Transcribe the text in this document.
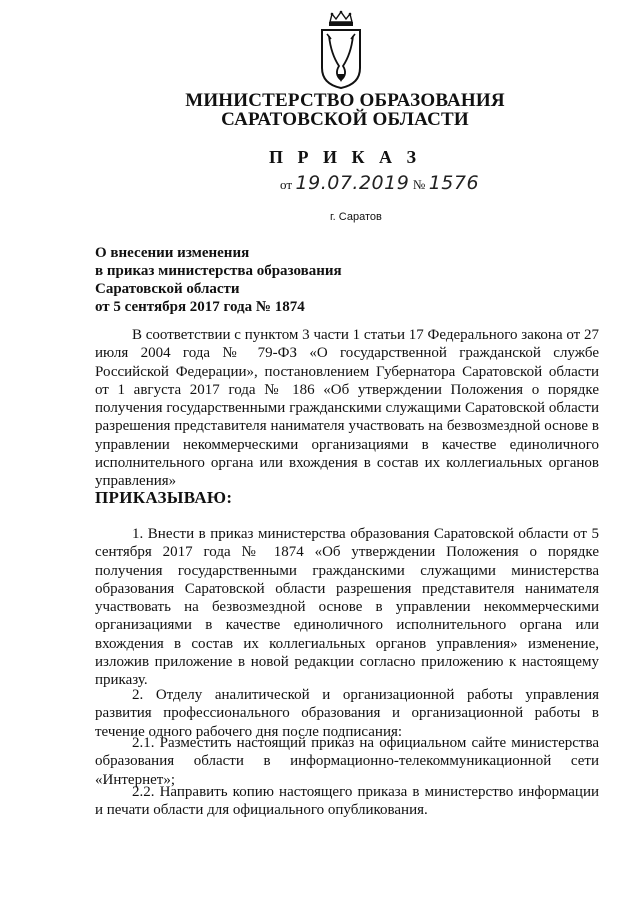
МИНИСТЕРСТВО ОБРАЗОВАНИЯ
САРАТОВСКОЙ ОБЛАСТИ
П Р И К А З
от 19.07.2019 № 1576
г. Саратов
О внесении изменения
в приказ министерства образования
Саратовской области
от 5 сентября 2017 года № 1874

В соответствии с пунктом 3 части 1 статьи 17 Федерального закона от 27 июля 2004 года № 79-ФЗ «О государственной гражданской службе Российской Федерации», постановлением Губернатора Саратовской области от 1 августа 2017 года № 186 «Об утверждении Положения о порядке получения государственными гражданскими служащими Саратовской области разрешения представителя нанимателя участвовать на безвозмездной основе в управлении некоммерческими организациями в качестве единоличного исполнительного органа или вхождения в состав их коллегиальных органов управления»

ПРИКАЗЫВАЮ:

1. Внести в приказ министерства образования Саратовской области от 5 сентября 2017 года № 1874 «Об утверждении Положения о порядке получения государственными гражданскими служащими министерства образования Саратовской области разрешения представителя нанимателя участвовать на безвозмездной основе в управлении некоммерческими организациями в качестве единоличного исполнительного органа или вхождения в состав их коллегиальных органов управления» изменение, изложив приложение в новой редакции согласно приложению к настоящему приказу.

2. Отделу аналитической и организационной работы управления развития профессионального образования и организационной работы в течение одного рабочего дня после подписания:

2.1. Разместить настоящий приказ на официальном сайте министерства образования области в информационно-телекоммуникационной сети «Интернет»;

2.2. Направить копию настоящего приказа в министерство информации и печати области для официального опубликования.
